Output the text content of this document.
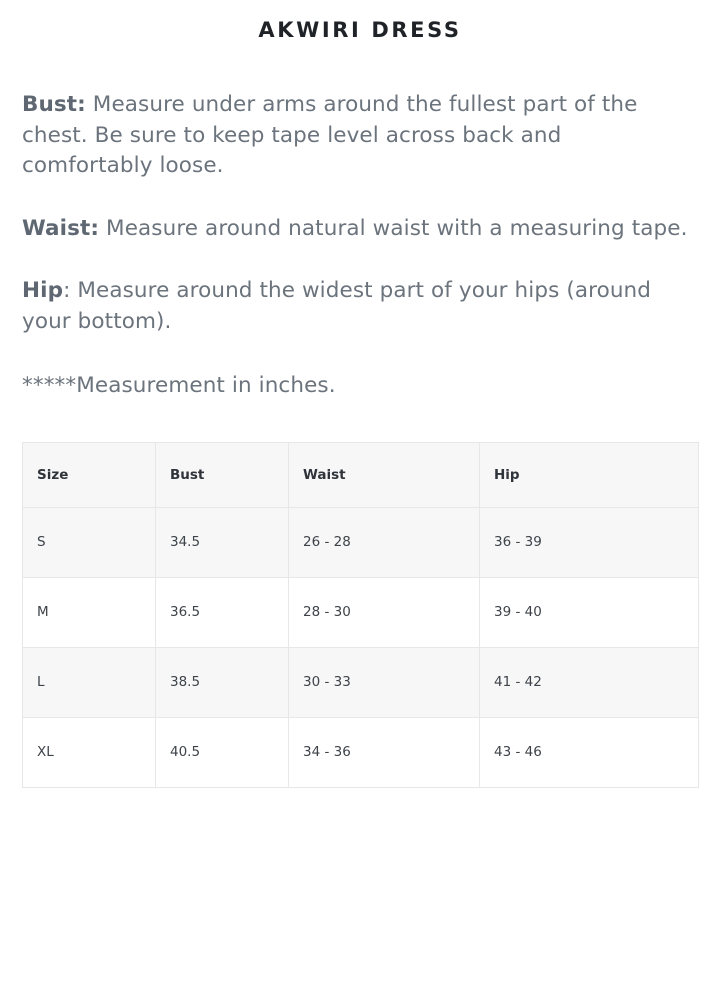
AKWIRI DRESS

Bust: Measure under arms around the fullest part of the chest. Be sure to keep tape level across back and comfortably loose.

Waist: Measure around natural waist with a measuring tape.

Hip: Measure around the widest part of your hips (around your bottom).

*****Measurement in inches.

Size	Bust	Waist	Hip
S	34.5	26 - 28	36 - 39
M	36.5	28 - 30	39 - 40
L	38.5	30 - 33	41 - 42
XL	40.5	34 - 36	43 - 46
